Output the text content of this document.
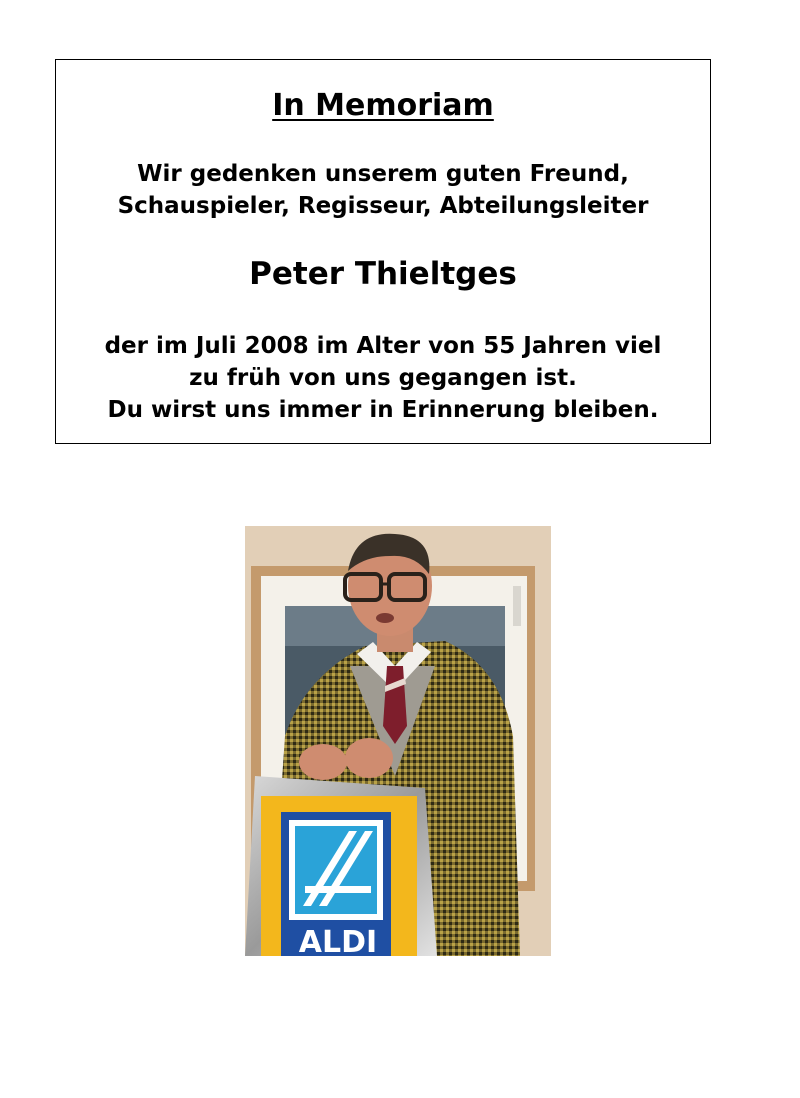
In Memoriam

Wir gedenken unserem guten Freund,
Schauspieler, Regisseur, Abteilungsleiter

Peter Thieltges

der im Juli 2008 im Alter von 55 Jahren viel
zu früh von uns gegangen ist.
Du wirst uns immer in Erinnerung bleiben.

ALDI
